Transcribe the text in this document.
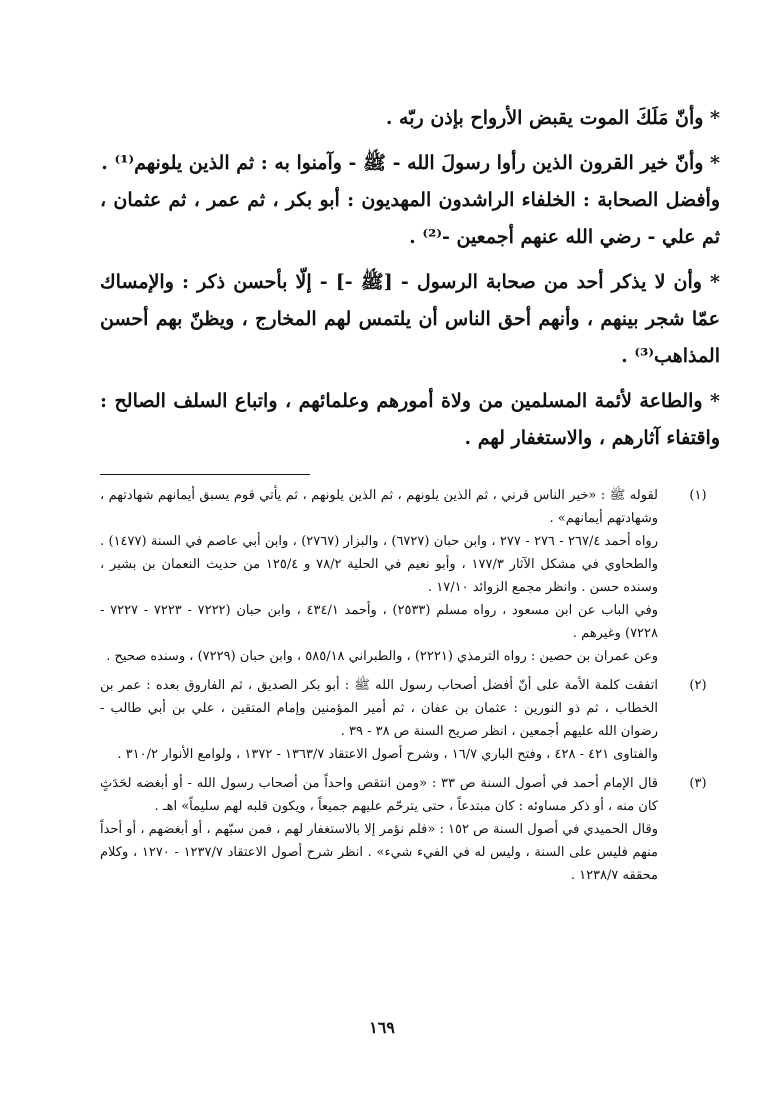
* وأنّ مَلَكَ الموت يقبض الأرواح بإذن ربّه .

* وأنّ خير القرون الذين رأوا رسولَ الله - ﷺ - وآمنوا به : ثم الذين يلونهم⁽¹⁾ .

وأفضل الصحابة : الخلفاء الراشدون المهديون : أبو بكر ، ثم عمر ، ثم عثمان ، ثم علي - رضي الله عنهم أجمعين -⁽²⁾ .

* وأن لا يذكر أحد من صحابة الرسول - [ﷺ -] - إلّا بأحسن ذكر : والإمساك عمّا شجر بينهم ، وأنهم أحق الناس أن يلتمس لهم المخارج ، ويظنّ بهم أحسن المذاهب⁽³⁾ .

* والطاعة لأئمة المسلمين من ولاة أمورهم وعلمائهم ، واتباع السلف الصالح : واقتفاء آثارهم ، والاستغفار لهم .

(١)

لقوله ﷺ : «خير الناس قرني ، ثم الذين يلونهم ، ثم الذين يلونهم ، ثم يأتي قوم يسبق أيمانهم شهادتهم ، وشهادتهم أيمانهم» .

رواه أحمد ٢٦٧/٤ - ٢٧٦ - ٢٧٧ ، وابن حبان (٦٧٢٧) ، والبزار (٢٧٦٧) ، وابن أبي عاصم في السنة (١٤٧٧) . والطحاوي في مشكل الآثار ١٧٧/٣ ، وأبو نعيم في الحلية ٧٨/٢ و ١٢٥/٤ من حديث النعمان بن بشير ، وسنده حسن . وانظر مجمع الزوائد ١٧/١٠ .

وفي الباب عن ابن مسعود ، رواه مسلم (٢٥٣٣) ، وأحمد ٤٣٤/١ ، وابن حبان (٧٢٢٢ - ٧٢٢٣ - ٧٢٢٧ - ٧٢٢٨) وغيرهم .

وعن عمران بن حصين : رواه الترمذي (٢٢٢١) ، والطبراني ٥٨٥/١٨ ، وابن حبان (٧٢٢٩) ، وسنده صحيح .

(٢)

اتفقت كلمة الأمة على أنّ أفضل أصحاب رسول الله ﷺ : أبو بكر الصديق ، ثم الفاروق بعده : عمر بن الخطاب ، ثم ذو النورين : عثمان بن عفان ، ثم أمير المؤمنين وإمام المتقين ، علي بن أبي طالب - رضوان الله عليهم أجمعين ، انظر صريح السنة ص ٣٨ - ٣٩ .

والفتاوى ٤٢١ - ٤٢٨ ، وفتح الباري ١٦/٧ ، وشرح أصول الاعتقاد ١٣٦٣/٧ - ١٣٧٢ ، ولوامع الأنوار ٣١٠/٢ .

(٣)

قال الإمام أحمد في أصول السنة ص ٣٣ : «ومن انتقص واحداً من أصحاب رسول الله - أو أبغضه لحَدَثٍ كان منه ، أو ذكر مساوئه : كان مبتدعاً ، حتى يترحّم عليهم جميعاً ، ويكون قلبه لهم سليماً» اهـ .

وقال الحميدي في أصول السنة ص ١٥٢ : «فلم نؤمر إلا بالاستغفار لهم ، فمن سبّهم ، أو أبغضهم ، أو أحداً منهم فليس على السنة ، وليس له في الفيء شيء» . انظر شرح أصول الاعتقاد ١٢٣٧/٧ - ١٢٧٠ ، وكلام محققه ١٢٣٨/٧ .

١٦٩
